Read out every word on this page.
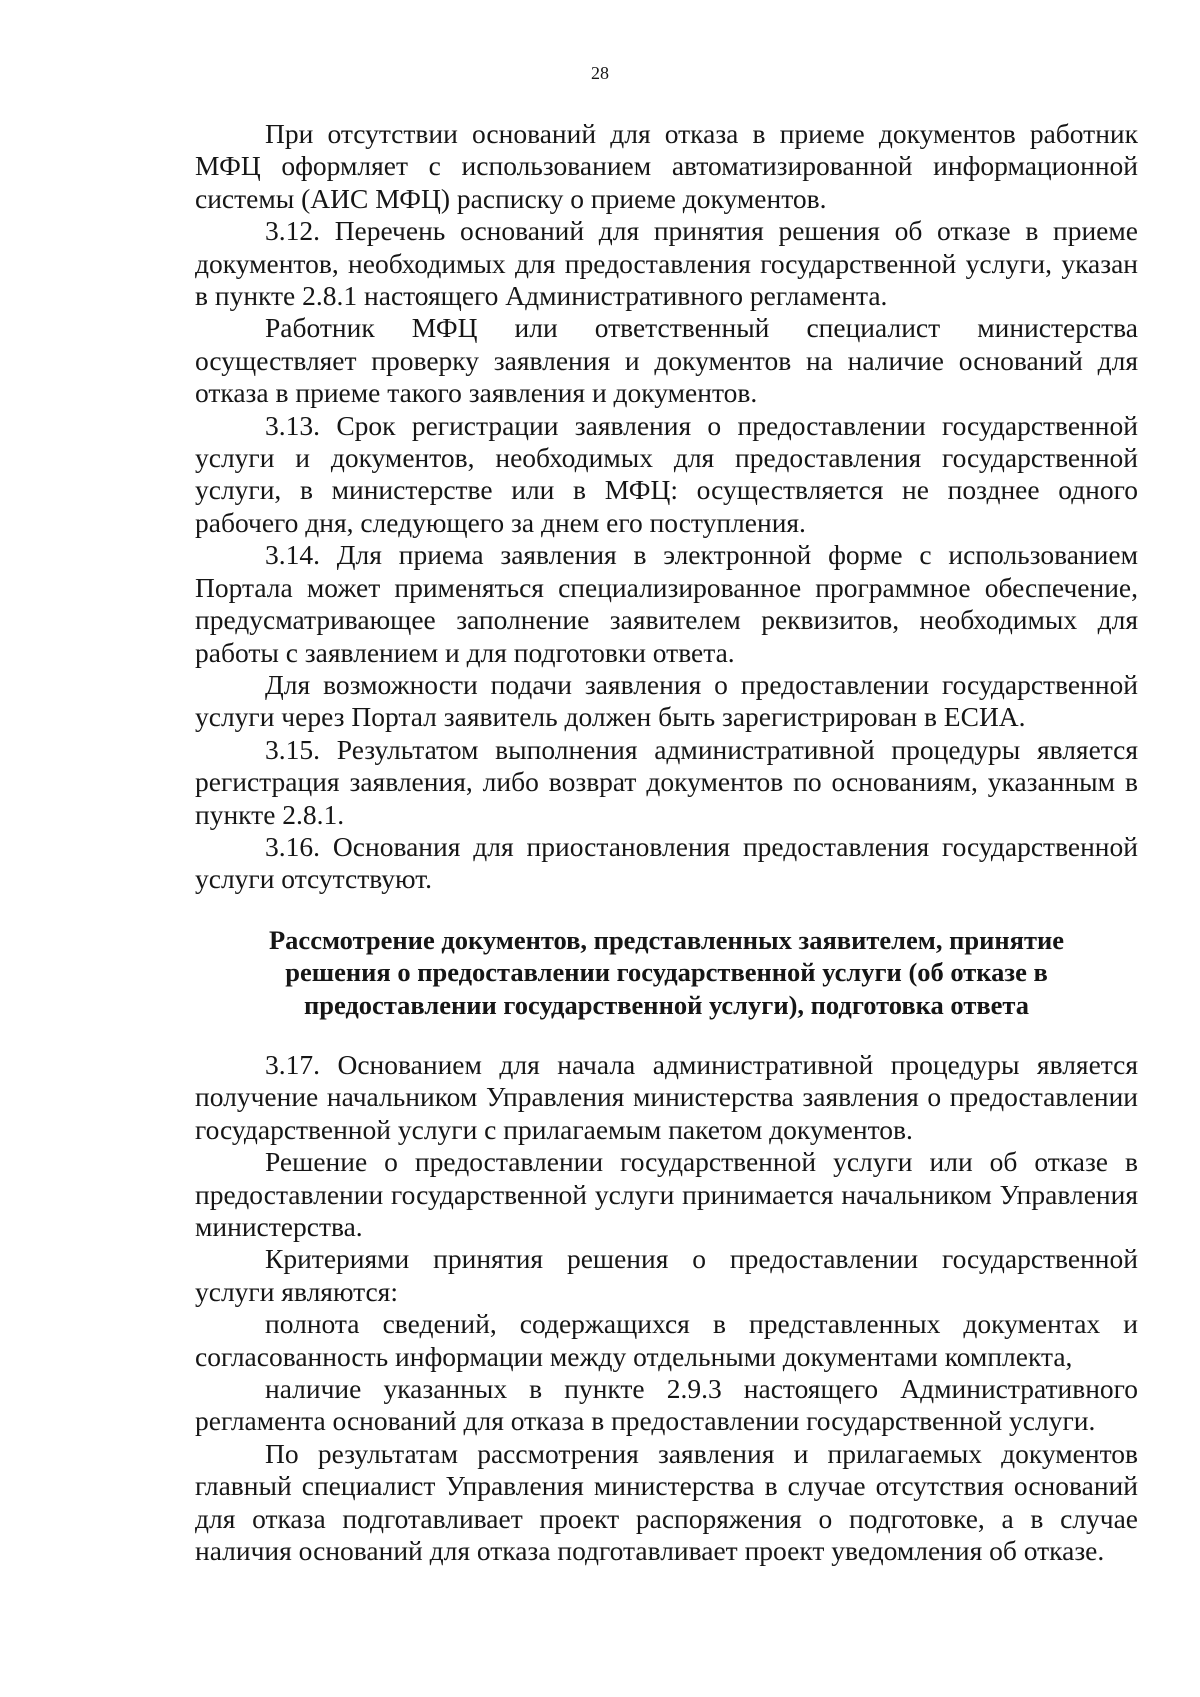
28

При отсутствии оснований для отказа в приеме документов работник МФЦ оформляет с использованием автоматизированной информационной системы (АИС МФЦ) расписку о приеме документов.

3.12. Перечень оснований для принятия решения об отказе в приеме документов, необходимых для предоставления государственной услуги, указан в пункте 2.8.1 настоящего Административного регламента.

Работник МФЦ или ответственный специалист министерства осуществляет проверку заявления и документов на наличие оснований для отказа в приеме такого заявления и документов.

3.13. Срок регистрации заявления о предоставлении государственной услуги и документов, необходимых для предоставления государственной услуги, в министерстве или в МФЦ: осуществляется не позднее одного рабочего дня, следующего за днем его поступления.

3.14. Для приема заявления в электронной форме с использованием Портала может применяться специализированное программное обеспечение, предусматривающее заполнение заявителем реквизитов, необходимых для работы с заявлением и для подготовки ответа.

Для возможности подачи заявления о предоставлении государственной услуги через Портал заявитель должен быть зарегистрирован в ЕСИА.

3.15. Результатом выполнения административной процедуры является регистрация заявления, либо возврат документов по основаниям, указанным в пункте 2.8.1.

3.16. Основания для приостановления предоставления государственной услуги отсутствуют.

Рассмотрение документов, представленных заявителем, принятие решения о предоставлении государственной услуги (об отказе в предоставлении государственной услуги), подготовка ответа

3.17. Основанием для начала административной процедуры является получение начальником Управления министерства заявления о предоставлении государственной услуги с прилагаемым пакетом документов.

Решение о предоставлении государственной услуги или об отказе в предоставлении государственной услуги принимается начальником Управления министерства.

Критериями принятия решения о предоставлении государственной услуги являются:

полнота сведений, содержащихся в представленных документах и согласованность информации между отдельными документами комплекта,

наличие указанных в пункте 2.9.3 настоящего Административного регламента оснований для отказа в предоставлении государственной услуги.

По результатам рассмотрения заявления и прилагаемых документов главный специалист Управления министерства в случае отсутствия оснований для отказа подготавливает проект распоряжения о подготовке, а в случае наличия оснований для отказа подготавливает проект уведомления об отказе.
